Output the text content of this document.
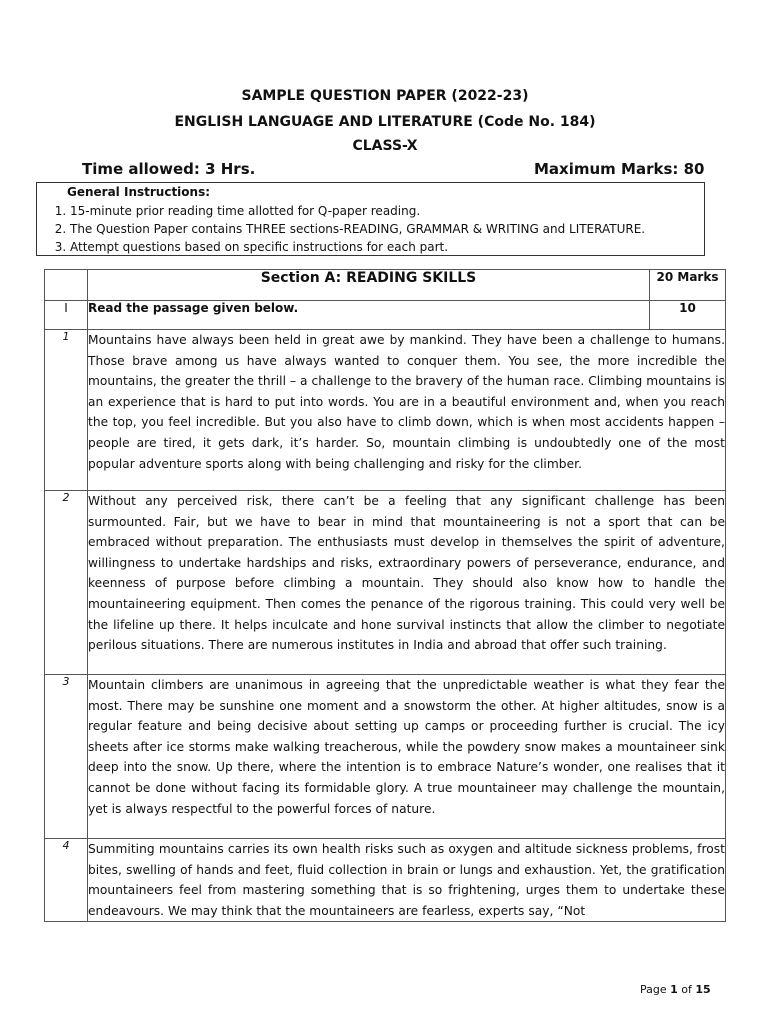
SAMPLE QUESTION PAPER (2022-23)
ENGLISH LANGUAGE AND LITERATURE (Code No. 184)
CLASS-X
Time allowed: 3 Hrs.	Maximum Marks: 80
General Instructions:
1. 15-minute prior reading time allotted for Q-paper reading.
2. The Question Paper contains THREE sections-READING, GRAMMAR & WRITING and LITERATURE.
3. Attempt questions based on specific instructions for each part.
	Section A: READING SKILLS	20 Marks
I	Read the passage given below.	10
1	Mountains have always been held in great awe by mankind. They have been a challenge to humans. Those brave among us have always wanted to conquer them. You see, the more incredible the mountains, the greater the thrill – a challenge to the bravery of the human race. Climbing mountains is an experience that is hard to put into words. You are in a beautiful environment and, when you reach the top, you feel incredible. But you also have to climb down, which is when most accidents happen – people are tired, it gets dark, it’s harder. So, mountain climbing is undoubtedly one of the most popular adventure sports along with being challenging and risky for the climber.	
2	Without any perceived risk, there can’t be a feeling that any significant challenge has been surmounted. Fair, but we have to bear in mind that mountaineering is not a sport that can be embraced without preparation. The enthusiasts must develop in themselves the spirit of adventure, willingness to undertake hardships and risks, extraordinary powers of perseverance, endurance, and keenness of purpose before climbing a mountain. They should also know how to handle the mountaineering equipment. Then comes the penance of the rigorous training. This could very well be the lifeline up there. It helps inculcate and hone survival instincts that allow the climber to negotiate perilous situations. There are numerous institutes in India and abroad that offer such training.	
3	Mountain climbers are unanimous in agreeing that the unpredictable weather is what they fear the most. There may be sunshine one moment and a snowstorm the other. At higher altitudes, snow is a regular feature and being decisive about setting up camps or proceeding further is crucial. The icy sheets after ice storms make walking treacherous, while the powdery snow makes a mountaineer sink deep into the snow. Up there, where the intention is to embrace Nature’s wonder, one realises that it cannot be done without facing its formidable glory. A true mountaineer may challenge the mountain, yet is always respectful to the powerful forces of nature.	
4	Summiting mountains carries its own health risks such as oxygen and altitude sickness problems, frost bites, swelling of hands and feet, fluid collection in brain or lungs and exhaustion. Yet, the gratification mountaineers feel from mastering something that is so frightening, urges them to undertake these endeavours. We may think that the mountaineers are fearless, experts say, “Not	
Page 1 of 15
